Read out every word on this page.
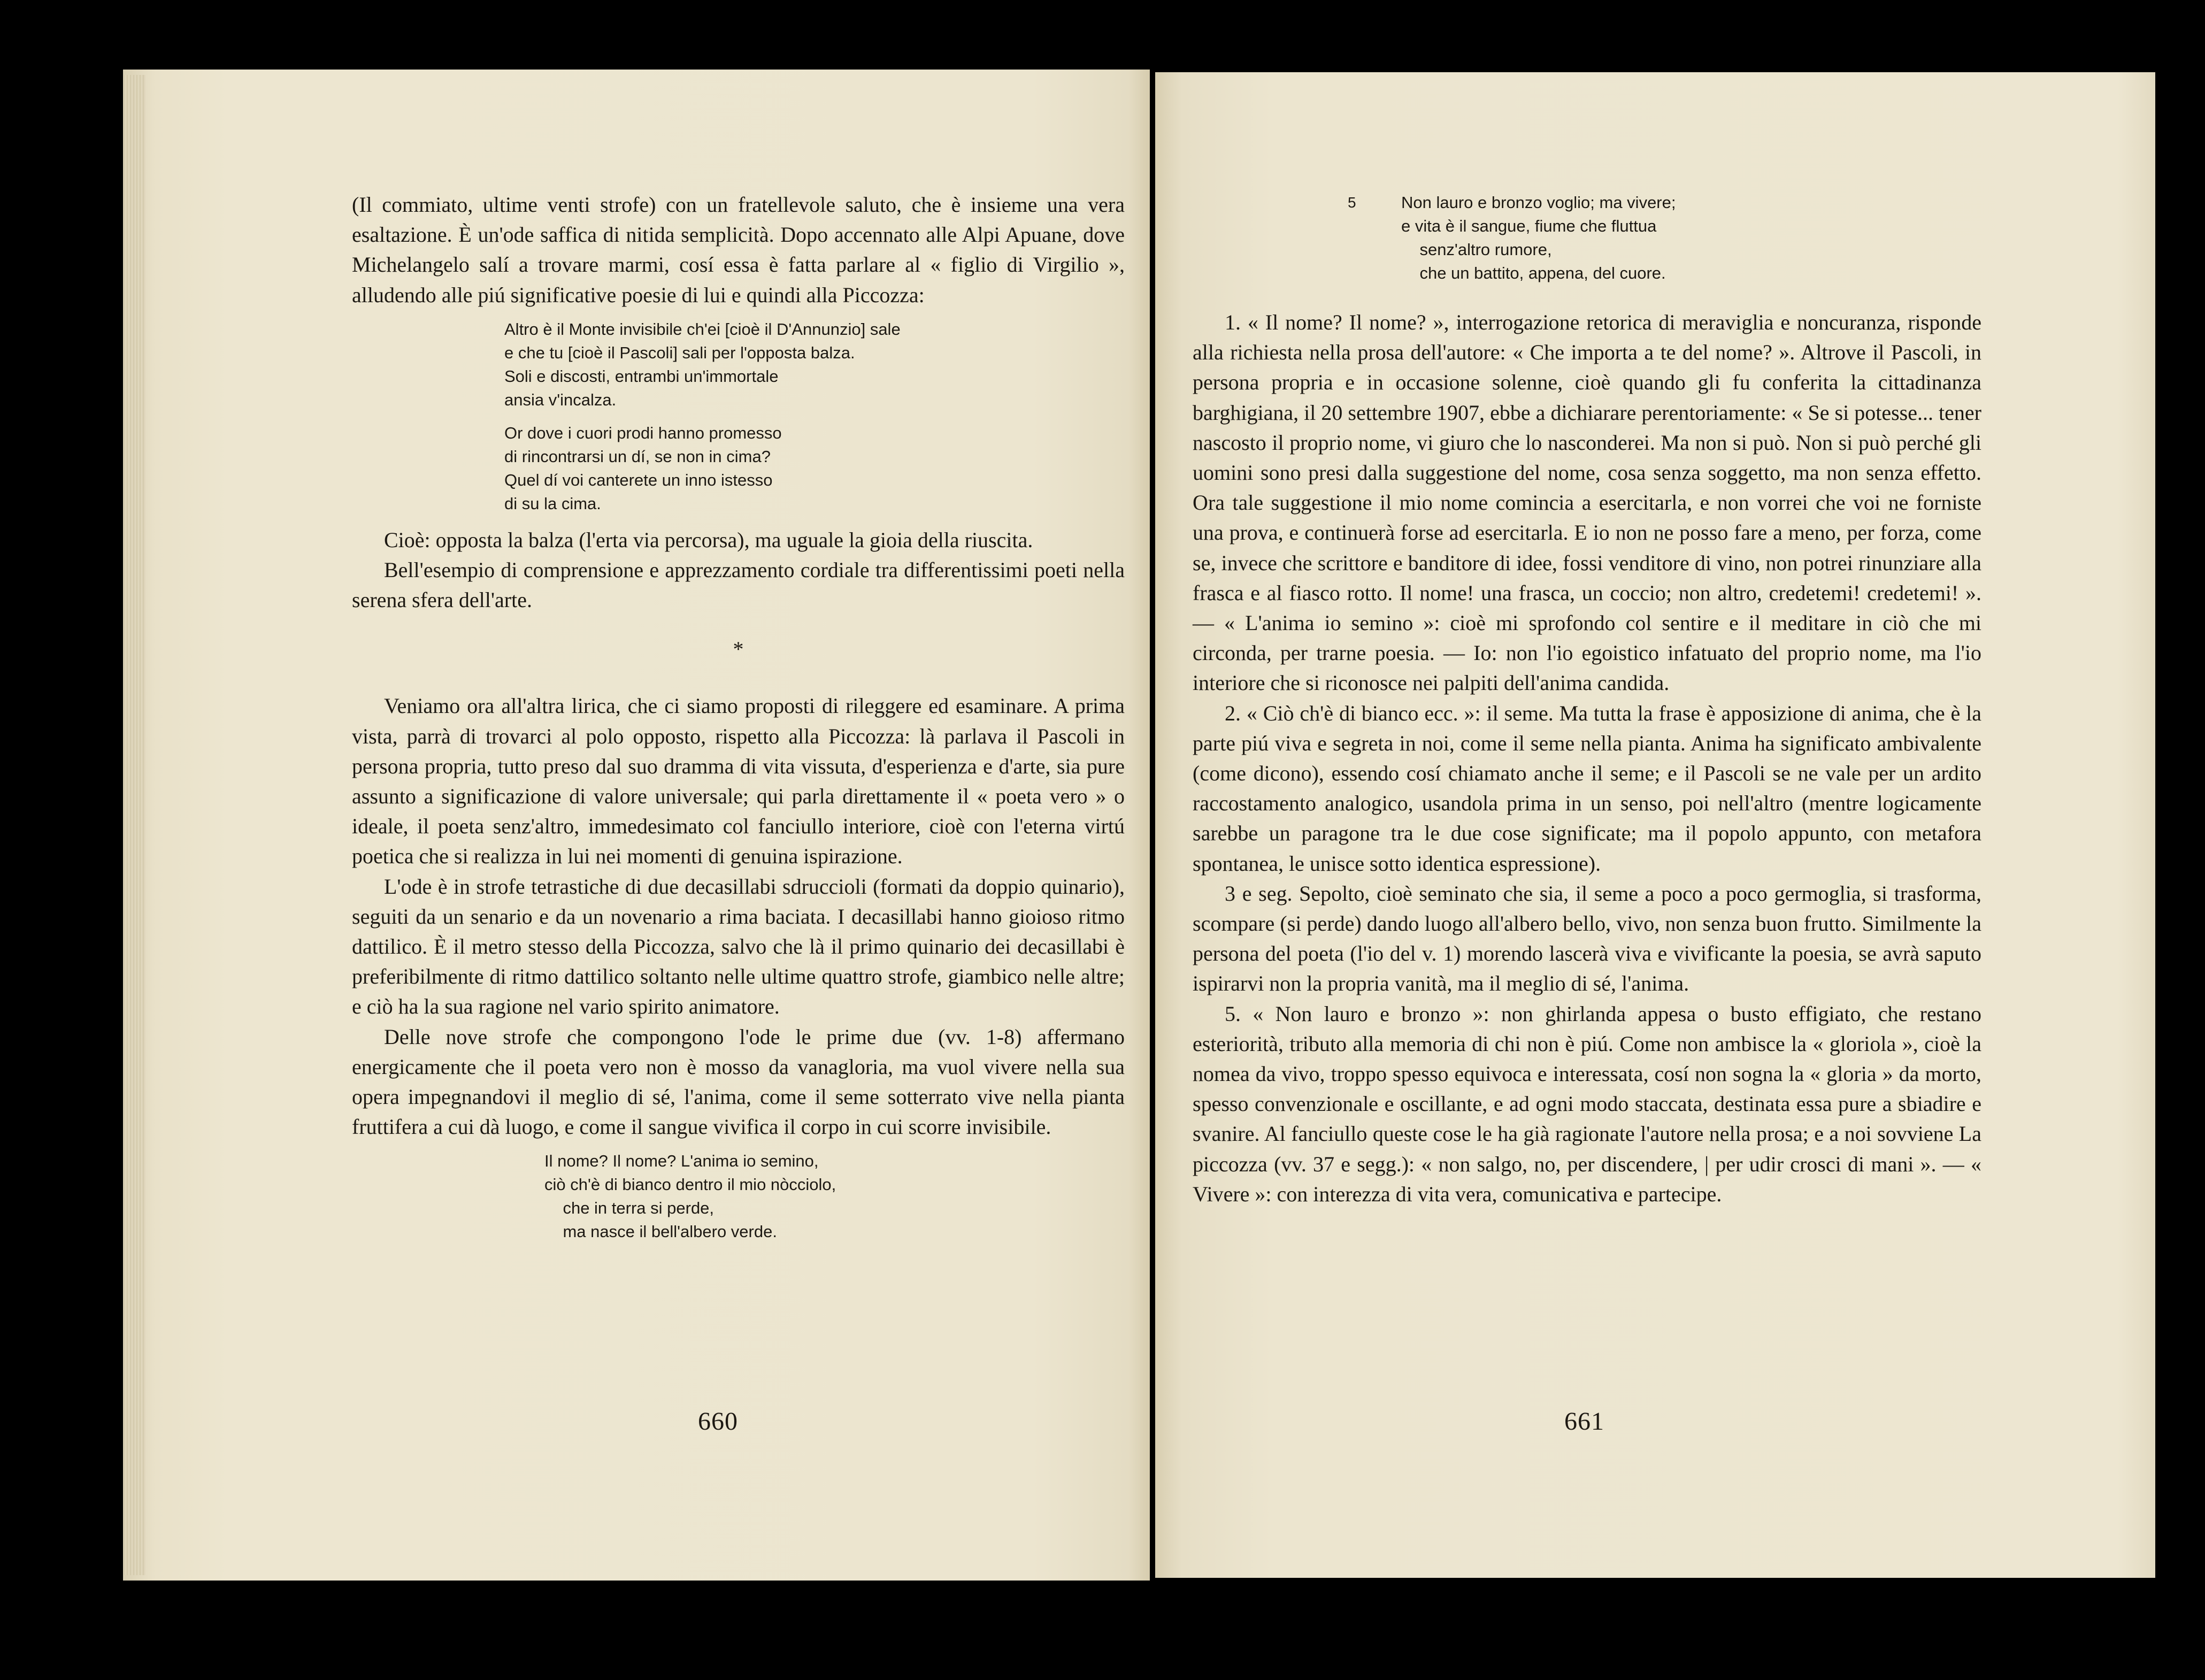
(Il commiato, ultime venti strofe) con un fratellevole saluto, che è insieme una vera esaltazione. È un'ode saffica di nitida semplicità. Dopo accennato alle Alpi Apuane, dove Michelangelo salí a trovare marmi, cosí essa è fatta parlare al « figlio di Virgilio », alludendo alle piú significative poesie di lui e quindi alla Piccozza:

Altro è il Monte invisibile ch'ei [cioè il D'Annunzio] sale
e che tu [cioè il Pascoli] sali per l'opposta balza.
Soli e discosti, entrambi un'immortale
ansia v'incalza.
Or dove i cuori prodi hanno promesso
di rincontrarsi un dí, se non in cima?
Quel dí voi canterete un inno istesso
di su la cima.

Cioè: opposta la balza (l'erta via percorsa), ma uguale la gioia della riuscita.

Bell'esempio di comprensione e apprezzamento cordiale tra differentissimi poeti nella serena sfera dell'arte.

*

Veniamo ora all'altra lirica, che ci siamo proposti di rileggere ed esaminare. A prima vista, parrà di trovarci al polo opposto, rispetto alla Piccozza: là parlava il Pascoli in persona propria, tutto preso dal suo dramma di vita vissuta, d'esperienza e d'arte, sia pure assunto a significazione di valore universale; qui parla direttamente il « poeta vero » o ideale, il poeta senz'altro, immedesimato col fanciullo interiore, cioè con l'eterna virtú poetica che si realizza in lui nei momenti di genuina ispirazione.

L'ode è in strofe tetrastiche di due decasillabi sdruccioli (formati da doppio quinario), seguiti da un senario e da un novenario a rima baciata. I decasillabi hanno gioioso ritmo dattilico. È il metro stesso della Piccozza, salvo che là il primo quinario dei decasillabi è preferibilmente di ritmo dattilico soltanto nelle ultime quattro strofe, giambico nelle altre; e ciò ha la sua ragione nel vario spirito animatore.

Delle nove strofe che compongono l'ode le prime due (vv. 1-8) affermano energicamente che il poeta vero non è mosso da vanagloria, ma vuol vivere nella sua opera impegnandovi il meglio di sé, l'anima, come il seme sotterrato vive nella pianta fruttifera a cui dà luogo, e come il sangue vivifica il corpo in cui scorre invisibile.

Il nome? Il nome? L'anima io semino,
ciò ch'è di bianco dentro il mio nòcciolo,
che in terra si perde,
ma nasce il bell'albero verde.
660
5	Non lauro e bronzo voglio; ma vivere;
e vita è il sangue, fiume che fluttua
senz'altro rumore,
che un battito, appena, del cuore.

1. « Il nome? Il nome? », interrogazione retorica di meraviglia e noncuranza, risponde alla richiesta nella prosa dell'autore: « Che importa a te del nome? ». Altrove il Pascoli, in persona propria e in occasione solenne, cioè quando gli fu conferita la cittadinanza barghigiana, il 20 settembre 1907, ebbe a dichiarare perentoriamente: « Se si potesse... tener nascosto il proprio nome, vi giuro che lo nasconderei. Ma non si può. Non si può perché gli uomini sono presi dalla suggestione del nome, cosa senza soggetto, ma non senza effetto. Ora tale suggestione il mio nome comincia a esercitarla, e non vorrei che voi ne forniste una prova, e continuerà forse ad esercitarla. E io non ne posso fare a meno, per forza, come se, invece che scrittore e banditore di idee, fossi venditore di vino, non potrei rinunziare alla frasca e al fiasco rotto. Il nome! una frasca, un coccio; non altro, credetemi! credetemi! ». — « L'anima io semino »: cioè mi sprofondo col sentire e il meditare in ciò che mi circonda, per trarne poesia. — Io: non l'io egoistico infatuato del proprio nome, ma l'io interiore che si riconosce nei palpiti dell'anima candida.

2. « Ciò ch'è di bianco ecc. »: il seme. Ma tutta la frase è apposizione di anima, che è la parte piú viva e segreta in noi, come il seme nella pianta. Anima ha significato ambivalente (come dicono), essendo cosí chiamato anche il seme; e il Pascoli se ne vale per un ardito raccostamento analogico, usandola prima in un senso, poi nell'altro (mentre logicamente sarebbe un paragone tra le due cose significate; ma il popolo appunto, con metafora spontanea, le unisce sotto identica espressione).

3 e seg. Sepolto, cioè seminato che sia, il seme a poco a poco germoglia, si trasforma, scompare (si perde) dando luogo all'albero bello, vivo, non senza buon frutto. Similmente la persona del poeta (l'io del v. 1) morendo lascerà viva e vivificante la poesia, se avrà saputo ispirarvi non la propria vanità, ma il meglio di sé, l'anima.

5. « Non lauro e bronzo »: non ghirlanda appesa o busto effigiato, che restano esteriorità, tributo alla memoria di chi non è piú. Come non ambisce la « gloriola », cioè la nomea da vivo, troppo spesso equivoca e interessata, cosí non sogna la « gloria » da morto, spesso convenzionale e oscillante, e ad ogni modo staccata, destinata essa pure a sbiadire e svanire. Al fanciullo queste cose le ha già ragionate l'autore nella prosa; e a noi sovviene La piccozza (vv. 37 e segg.): « non salgo, no, per discendere, | per udir crosci di mani ». — « Vivere »: con interezza di vita vera, comunicativa e partecipe.

661
